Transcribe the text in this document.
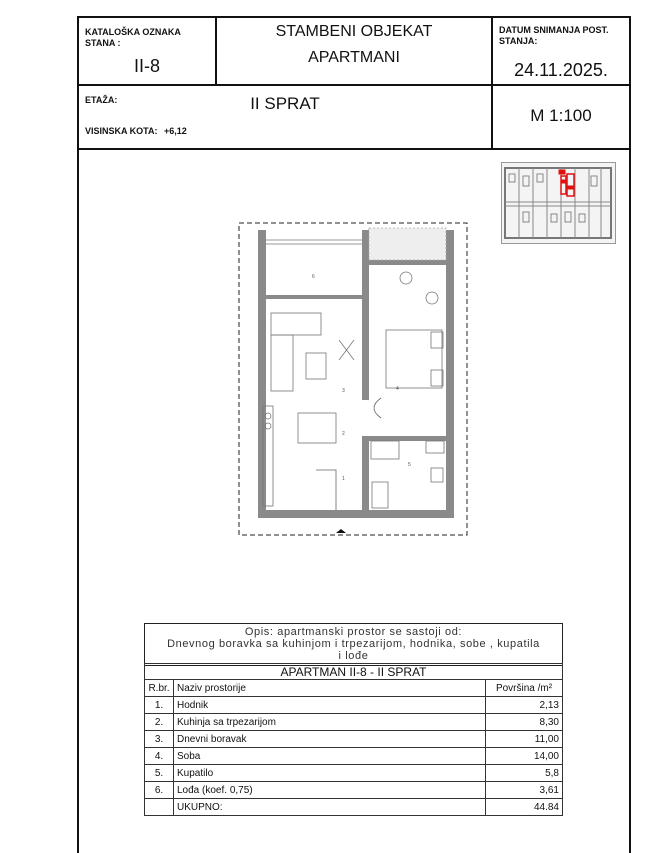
KATALOŠKA OZNAKA
STANA :
II-8
STAMBENI OBJEKAT
APARTMANI
DATUM SNIMANJA POST.
STANJA:
24.11.2025.
ETAŽA:
VISINSKA KOTA: +6,12
II SPRAT
M 1:100
6
3	4
2
1
5
Opis: apartmanski prostor se sastoji od:
Dnevnog boravka sa kuhinjom i trpezarijom, hodnika, sobe , kupatila
i lođe
APARTMAN II-8 - II SPRAT		
R.br.	Naziv prostorije	Površina /m²
1.	Hodnik	2,13
2.	Kuhinja sa trpezarijom	8,30
3.	Dnevni boravak	11,00
4.	Soba	14,00
5.	Kupatilo	5,8
6.	Lođa (koef. 0,75)	3,61
	UKUPNO:	44.84
